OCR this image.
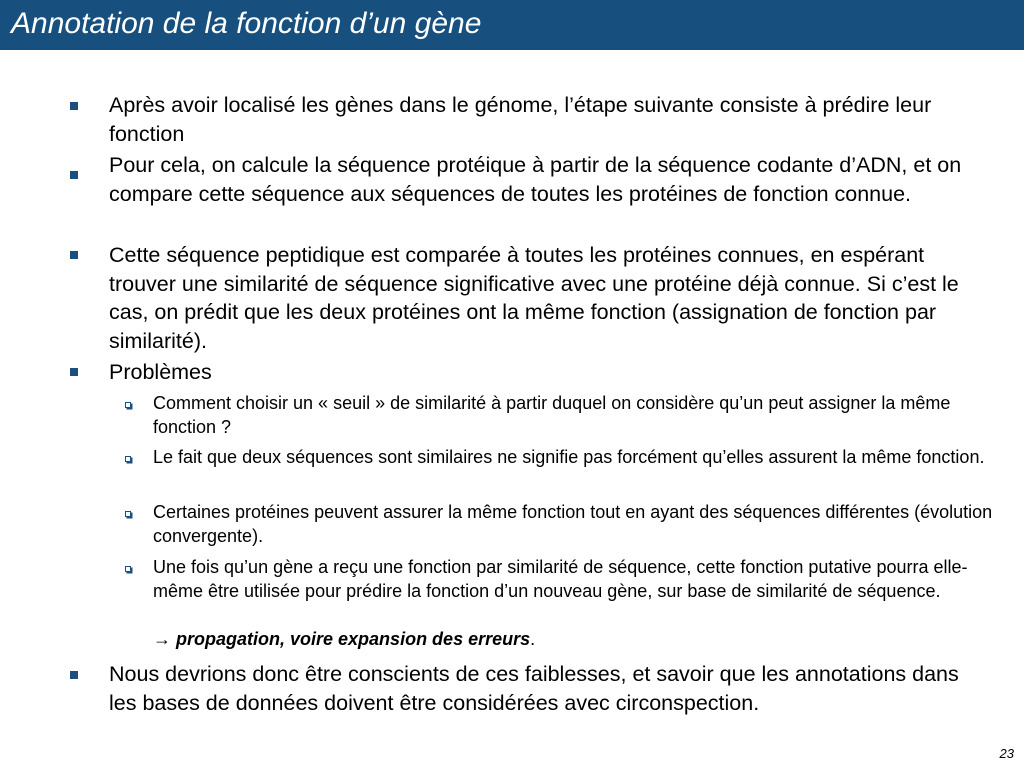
Annotation de la fonction d’un gène
Après avoir localisé les gènes dans le génome, l’étape suivante consiste à prédire leur fonction
Pour cela, on calcule la séquence protéique à partir de la séquence codante d’ADN, et on compare cette séquence aux séquences de toutes les protéines de fonction connue.
Cette séquence peptidique est comparée à toutes les protéines connues, en espérant trouver une similarité de séquence significative avec une protéine déjà connue. Si c’est le cas, on prédit que les deux protéines ont la même fonction (assignation de fonction par similarité).
Problèmes
Comment choisir un « seuil » de similarité à partir duquel on considère qu’un peut assigner la même fonction ?
Le fait que deux séquences sont similaires ne signifie pas forcément qu’elles assurent la même fonction.
Certaines protéines peuvent assurer la même fonction tout en ayant des séquences différentes (évolution convergente).
Une fois qu’un gène a reçu une fonction par similarité de séquence, cette fonction putative pourra elle-même être utilisée pour prédire la fonction d’un nouveau gène, sur base de similarité de séquence.
→ propagation, voire expansion des erreurs.
Nous devrions donc être conscients de ces faiblesses, et savoir que les annotations dans les bases de données doivent être considérées avec circonspection.
23
